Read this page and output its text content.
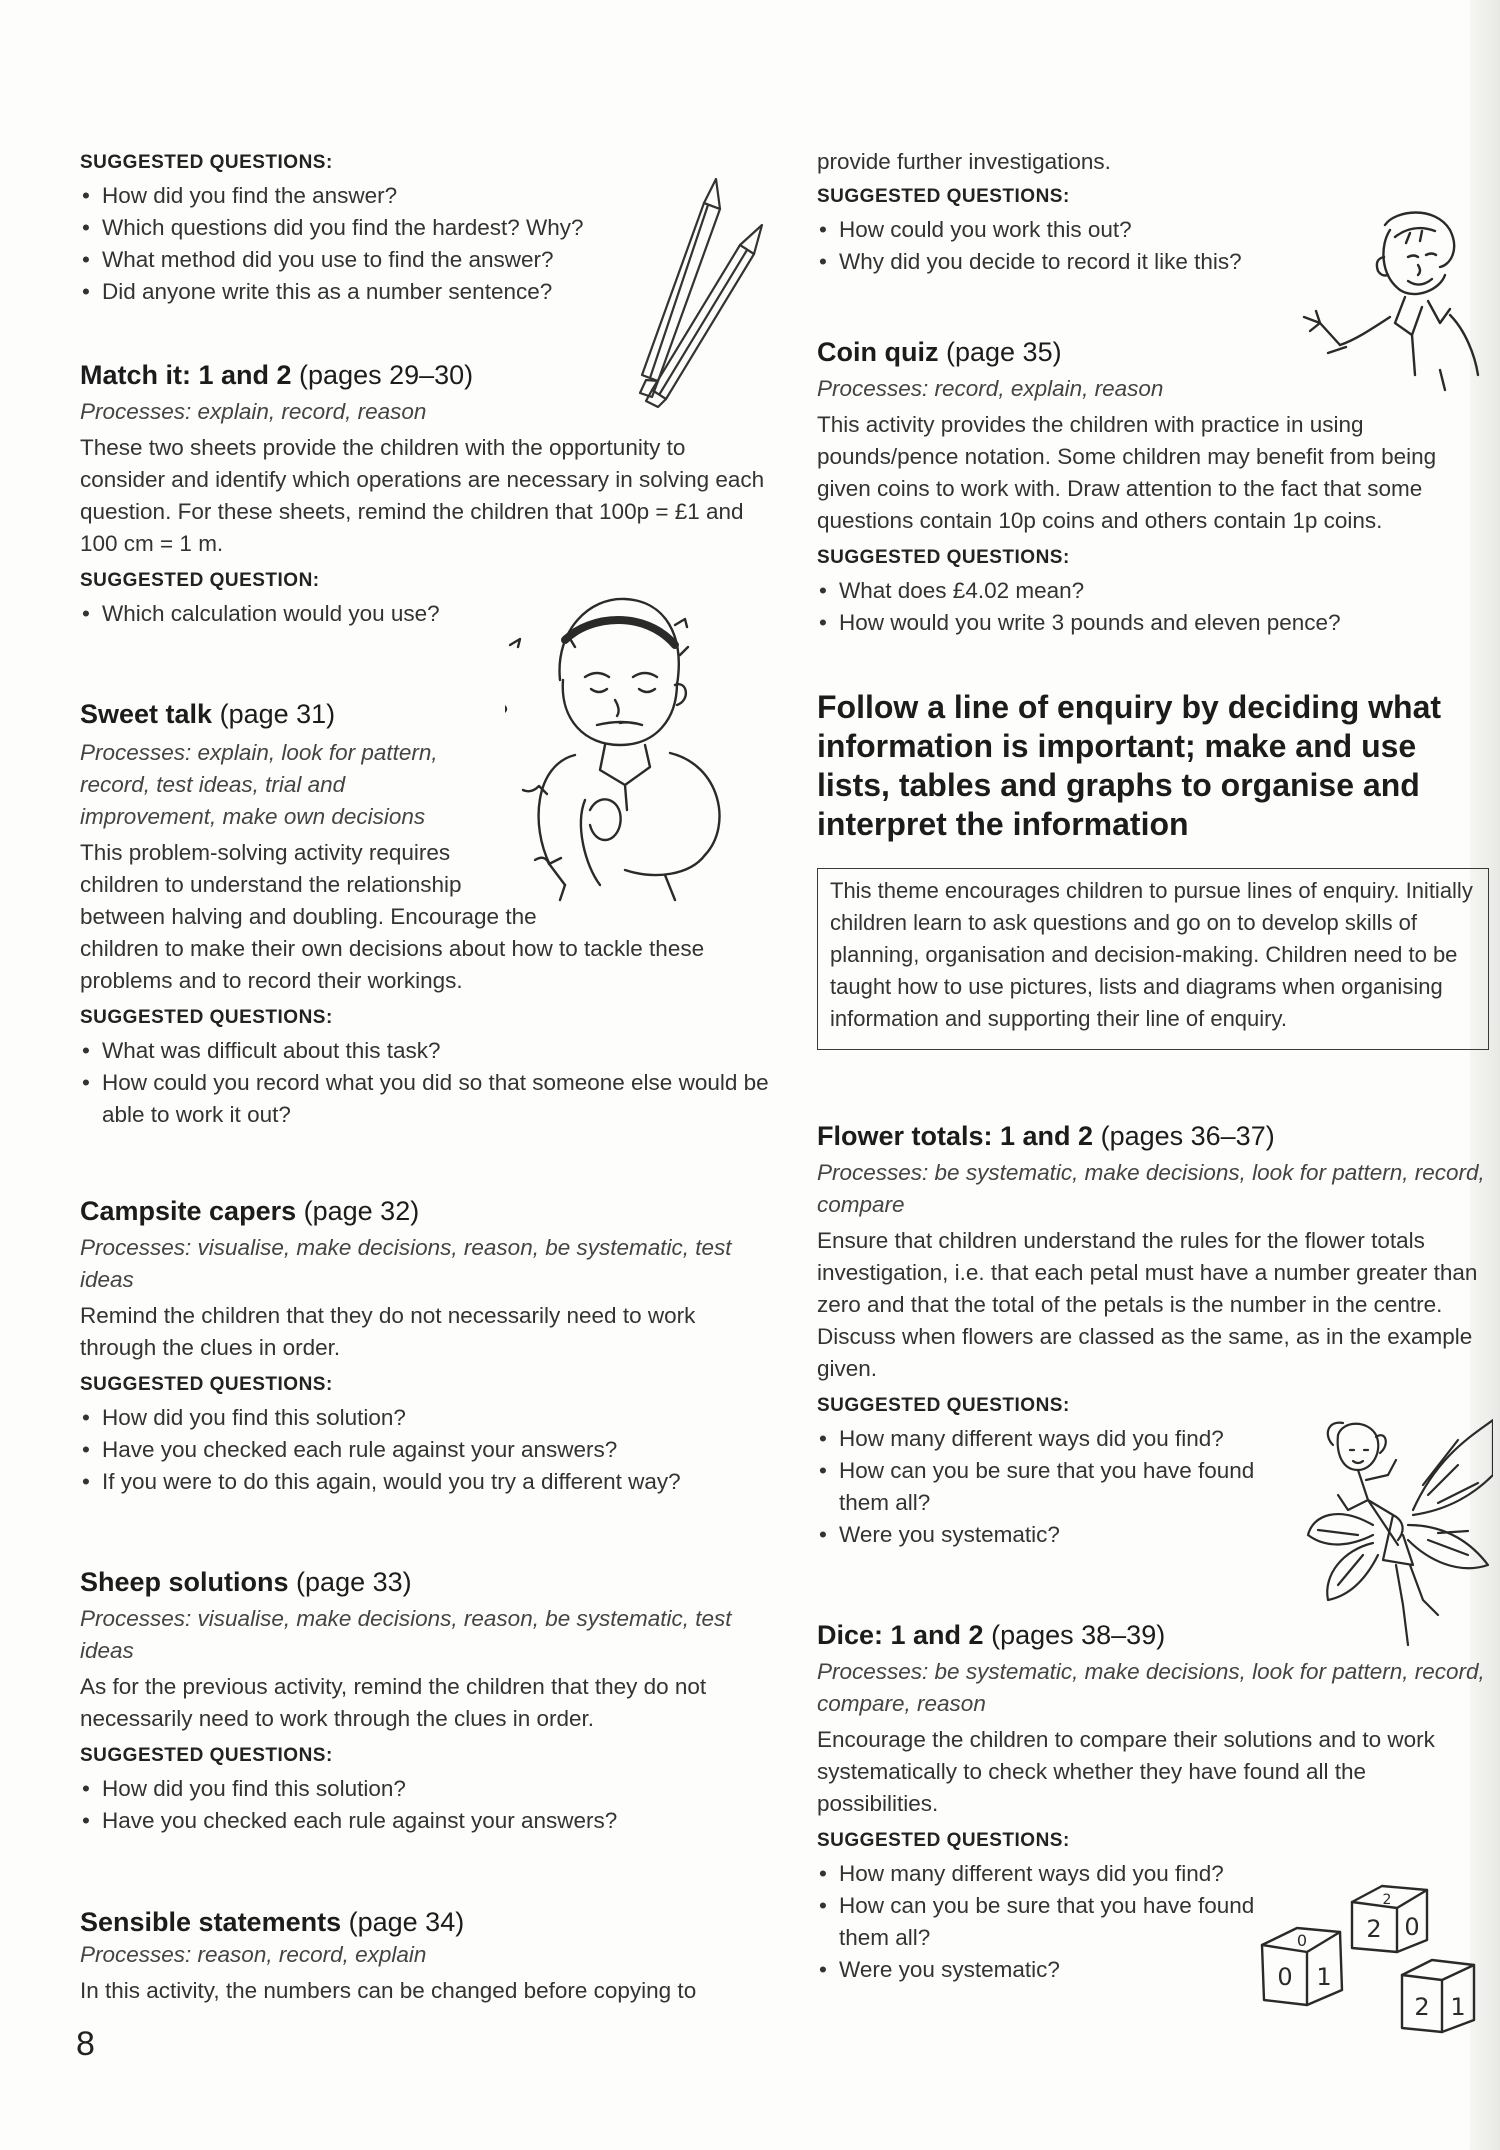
SUGGESTED QUESTIONS:
• How did you find the answer?
• Which questions did you find the hardest? Why?
• What method did you use to find the answer?
• Did anyone write this as a number sentence?
Match it: 1 and 2 (pages 29–30)
Processes: explain, record, reason
These two sheets provide the children with the opportunity to consider and identify which operations are necessary in solving each question. For these sheets, remind the children that 100p = £1 and 100 cm = 1 m.
SUGGESTED QUESTION:
• Which calculation would you use?
Sweet talk (page 31)
Processes: explain, look for pattern,
record, test ideas, trial and
improvement, make own decisions
This problem-solving activity requires
children to understand the relationship
between halving and doubling. Encourage the
children to make their own decisions about how to tackle these
problems and to record their workings.
SUGGESTED QUESTIONS:
• What was difficult about this task?
• How could you record what you did so that someone else would be able to work it out?
Campsite capers (page 32)
Processes: visualise, make decisions, reason, be systematic, test ideas
Remind the children that they do not necessarily need to work through the clues in order.
SUGGESTED QUESTIONS:
• How did you find this solution?
• Have you checked each rule against your answers?
• If you were to do this again, would you try a different way?
Sheep solutions (page 33)
Processes: visualise, make decisions, reason, be systematic, test ideas
As for the previous activity, remind the children that they do not necessarily need to work through the clues in order.
SUGGESTED QUESTIONS:
• How did you find this solution?
• Have you checked each rule against your answers?
Sensible statements (page 34)
Processes: reason, record, explain
In this activity, the numbers can be changed before copying to
provide further investigations.
SUGGESTED QUESTIONS:
• How could you work this out?
• Why did you decide to record it like this?
Coin quiz (page 35)
Processes: record, explain, reason
This activity provides the children with practice in using pounds/pence notation. Some children may benefit from being given coins to work with. Draw attention to the fact that some questions contain 10p coins and others contain 1p coins.
SUGGESTED QUESTIONS:
• What does £4.02 mean?
• How would you write 3 pounds and eleven pence?
Follow a line of enquiry by deciding what information is important; make and use lists, tables and graphs to organise and interpret the information
This theme encourages children to pursue lines of enquiry. Initially children learn to ask questions and go on to develop skills of planning, organisation and decision-making. Children need to be taught how to use pictures, lists and diagrams when organising information and supporting their line of enquiry.
Flower totals: 1 and 2 (pages 36–37)
Processes: be systematic, make decisions, look for pattern, record, compare
Ensure that children understand the rules for the flower totals investigation, i.e. that each petal must have a number greater than zero and that the total of the petals is the number in the centre. Discuss when flowers are classed as the same, as in the example given.
SUGGESTED QUESTIONS:
• How many different ways did you find?
• How can you be sure that you have found them all?
• Were you systematic?
Dice: 1 and 2 (pages 38–39)
Processes: be systematic, make decisions, look for pattern, record, compare, reason
Encourage the children to compare their solutions and to work systematically to check whether they have found all the possibilities.
SUGGESTED QUESTIONS:
• How many different ways did you find?
• How can you be sure that you have found them all?
• Were you systematic?
2 0
2
0 1
0
2 1
8
